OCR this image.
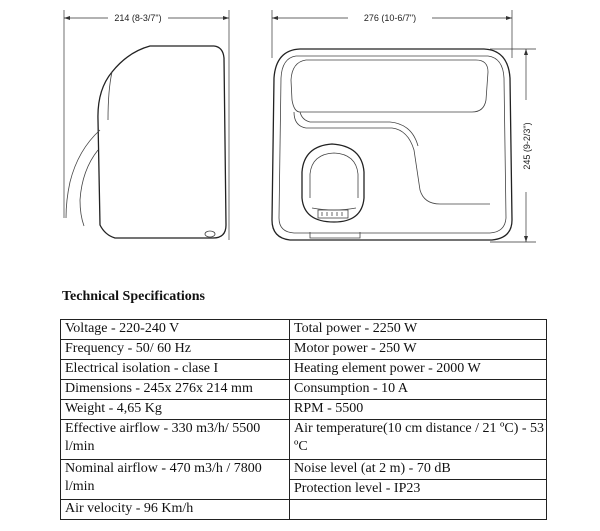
214 (8-3/7")	276 (10-6/7")
245 (9-2/3")
Technical Specifications
Voltage - 220-240 V	Total power - 2250 W
Frequency - 50/ 60 Hz	Motor power - 250 W
Electrical isolation - clase I	Heating element power - 2000 W
Dimensions - 245x 276x 214 mm	Consumption - 10 A
Weight - 4,65 Kg	RPM - 5500
Effective airflow - 330 m3/h/ 5500 l/min	Air temperature(10 cm distance / 21 ºC) - 53 ºC
Nominal airflow - 470 m3/h / 7800 l/min	Noise level (at 2 m) - 70 dB
	Protection level - IP23
Air velocity - 96 Km/h	
